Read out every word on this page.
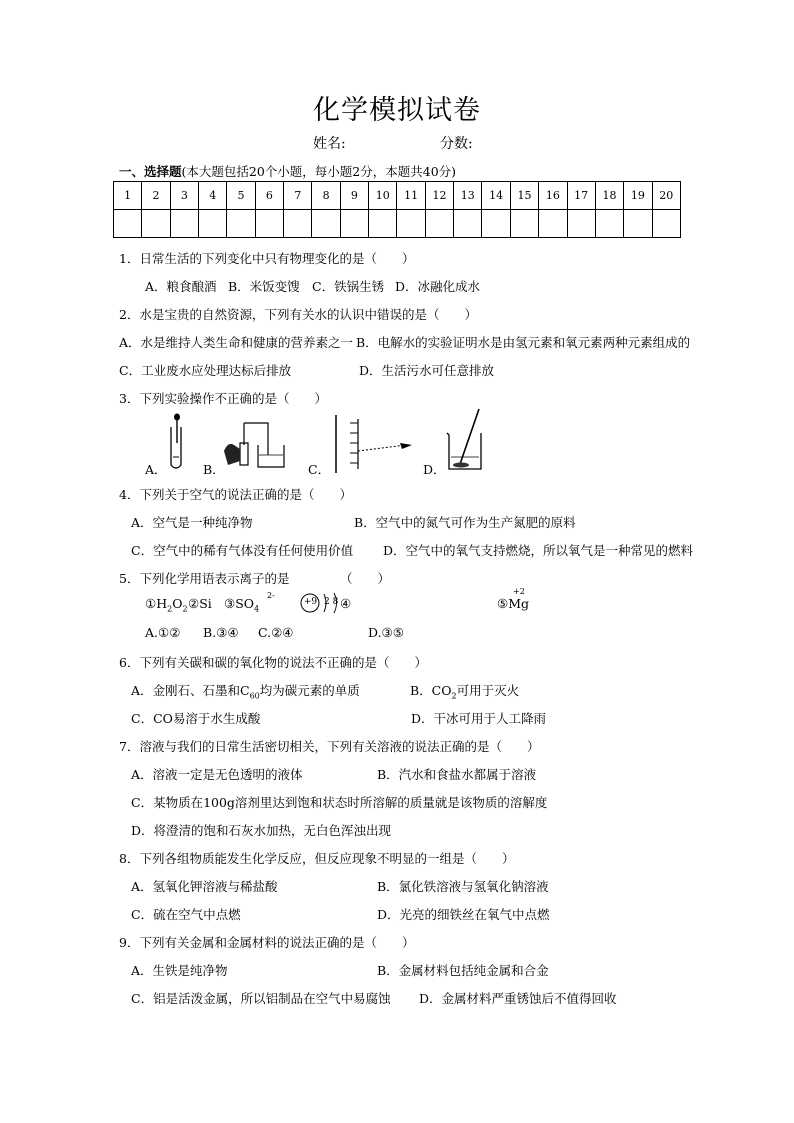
化学模拟试卷
姓名:	分数:
一、选择题(本大题包括20个小题，每小题2分，本题共40分)
1	2	3	4	5	6	7	8	9	10	11	12	13	14	15	16	17	18	19	20

1．日常生活的下列变化中只有物理变化的是（　　）
A．粮食酿酒 B．米饭变馊 C．铁锅生锈 D．冰融化成水
2．水是宝贵的自然资源，下列有关水的认识中错误的是（　　）
A．水是维持人类生命和健康的营养素之一 B．电解水的实验证明水是由氢元素和氧元素两种元素组成的
C．工业废水应处理达标后排放	D．生活污水可任意排放
3．下列实验操作不正确的是（　　）
A．	B．	C．	D．
4．下列关于空气的说法正确的是（　　）
A．空气是一种纯净物	B．空气中的氮气可作为生产氮肥的原料
C．空气中的稀有气体没有任何使用价值 D．空气中的氧气支持燃烧，所以氧气是一种常见的燃料
5．下列化学用语表示离子的是	（　　）
$①H_2O_2$ ②Si $③SO_4$
2-
+9 2 8 ④
+2
⑤Mg
A.①② B.③④ C.②④	D.③⑤
6．下列有关碳和碳的氧化物的说法不正确的是（　　）
A．金刚石、石墨和$C_{60}$均为碳元素的单质	B．$CO_2$可用于灭火
C．CO易溶于水生成酸	D．干冰可用于人工降雨
7．溶液与我们的日常生活密切相关，下列有关溶液的说法正确的是（　　）
A．溶液一定是无色透明的液体	B．汽水和食盐水都属于溶液
C．某物质在100g溶剂里达到饱和状态时所溶解的质量就是该物质的溶解度
D．将澄清的饱和石灰水加热，无白色浑浊出现
8．下列各组物质能发生化学反应，但反应现象不明显的一组是（　　）
A．氢氧化钾溶液与稀盐酸	B．氯化铁溶液与氢氧化钠溶液
C．硫在空气中点燃	D．光亮的细铁丝在氧气中点燃
9．下列有关金属和金属材料的说法正确的是（　　）
A．生铁是纯净物	B．金属材料包括纯金属和合金
C．铝是活泼金属，所以铝制品在空气中易腐蚀 D．金属材料严重锈蚀后不值得回收
